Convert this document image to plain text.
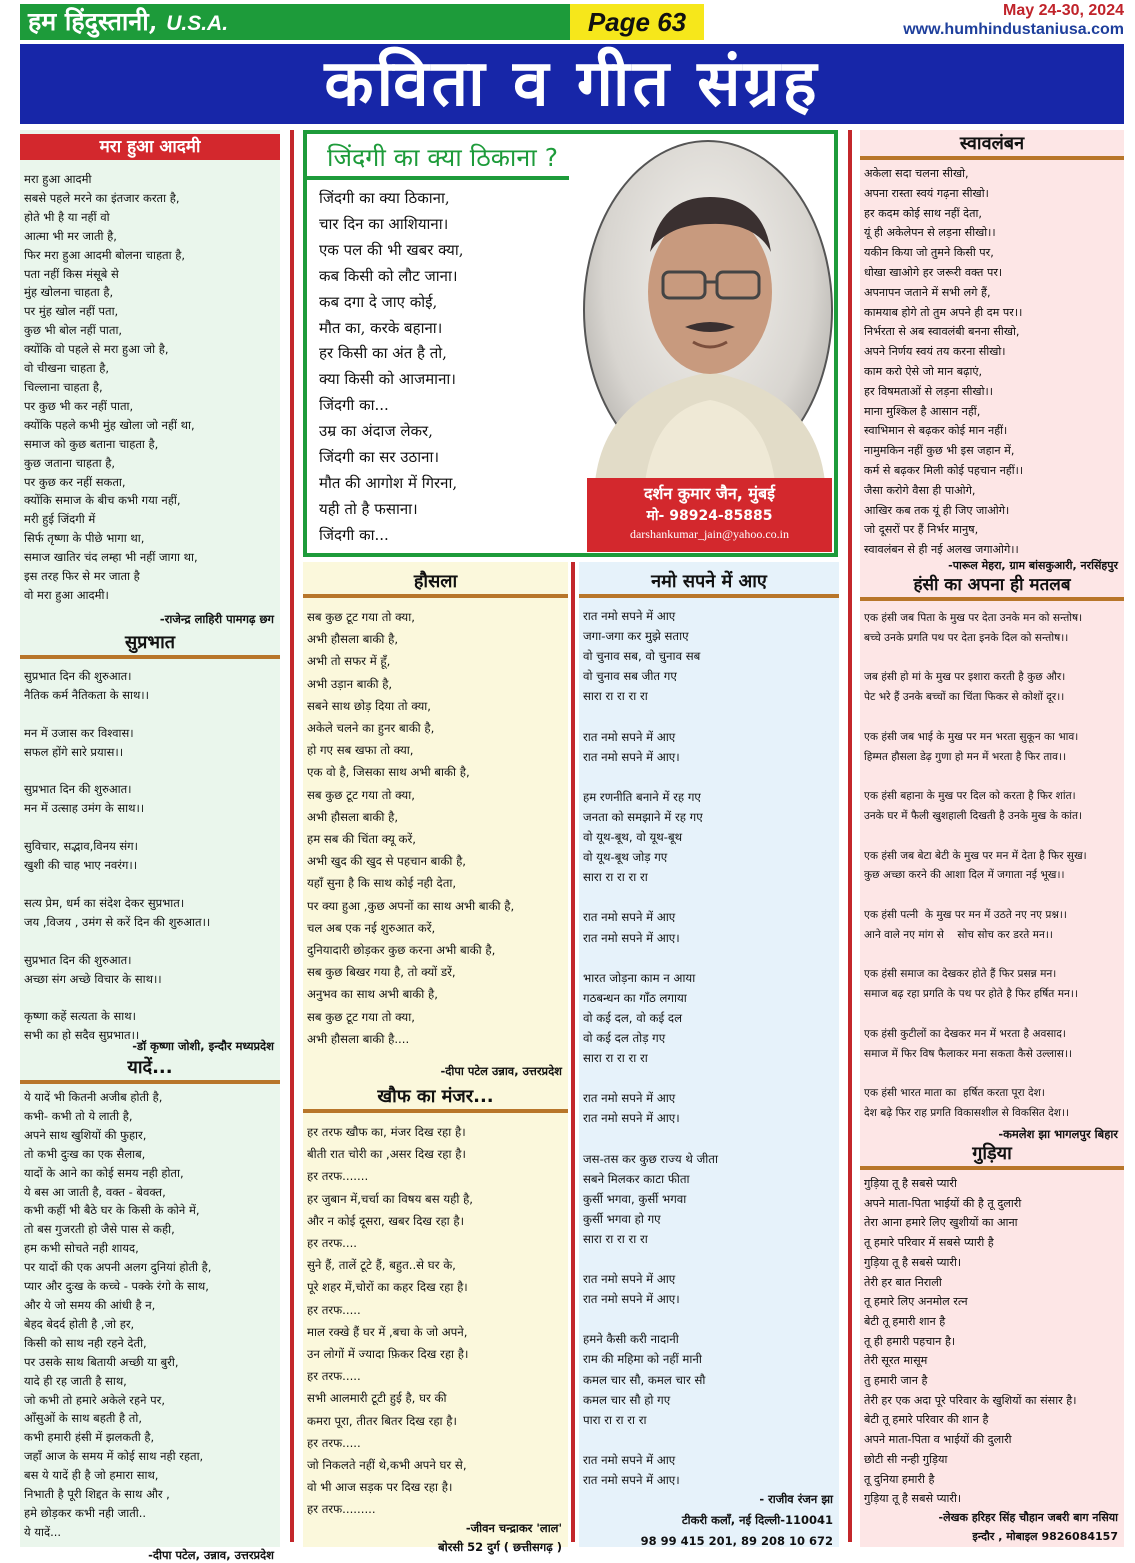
हम हिंदुस्तानी, U.S.A.	Page 63	May 24-30, 2024
www.humhindustaniusa.com
कविता व गीत संग्रह
मरा हुआ आदमी
मरा हुआ आदमी
सबसे पहले मरने का इंतजार करता है,
होते भी है या नहीं वो
आत्मा भी मर जाती है,
फिर मरा हुआ आदमी बोलना चाहता है,
पता नहीं किस मंसूबे से
मुंह खोलना चाहता है,
पर मुंह खोल नहीं पता,
कुछ भी बोल नहीं पाता,
क्योंकि वो पहले से मरा हुआ जो है,
वो चीखना चाहता है,
चिल्लाना चाहता है,
पर कुछ भी कर नहीं पाता,
क्योंकि पहले कभी मुंह खोला जो नहीं था,
समाज को कुछ बताना चाहता है,
कुछ जताना चाहता है,
पर कुछ कर नहीं सकता,
क्योंकि समाज के बीच कभी गया नहीं,
मरी हुई जिंदगी में
सिर्फ तृष्णा के पीछे भागा था,
समाज खातिर चंद लम्हा भी नहीं जागा था,
इस तरह फिर से मर जाता है
वो मरा हुआ आदमी।
-राजेन्द्र लाहिरी पामगढ़ छग
सुप्रभात
सुप्रभात दिन की शुरुआत।
नैतिक कर्म नैतिकता के साथ।।

मन में उजास कर विश्वास।
सफल होंगे सारे प्रयास।।

सुप्रभात दिन की शुरुआत।
मन में उत्साह उमंग के साथ।।

सुविचार, सद्भाव,विनय संग।
खुशी की चाह भाए नवरंग।।

सत्य प्रेम, धर्म का संदेश देकर सुप्रभात।
जय ,विजय , उमंग से करें दिन की शुरुआत।।

सुप्रभात दिन की शुरुआत।
अच्छा संग अच्छे विचार के साथ।।

कृष्णा कहें सत्यता के साथ।
सभी का हो सदैव सुप्रभात।।
-डॉ कृष्णा जोशी, इन्दौर मध्यप्रदेश
यादें...
ये यादें भी कितनी अजीब होती है,
कभी- कभी तो ये लाती है,
अपने साथ खुशियों की फुहार,
तो कभी दुःख का एक सैलाब,
यादों के आने का कोई समय नही होता,
ये बस आ जाती है, वक्त - बेवक्त,
कभी कहीं भी बैठे घर के किसी के कोने में,
तो बस गुजरती हो जैसे पास से कही,
हम कभी सोचते नही शायद,
पर यादों की एक अपनी अलग दुनियां होती है,
प्यार और दुःख के कच्चे - पक्के रंगो के साथ,
और ये जो समय की आंधी है न,
बेहद बेदर्द होती है ,जो हर,
किसी को साथ नही रहने देती,
पर उसके साथ बितायी अच्छी या बुरी,
यादे ही रह जाती है साथ,
जो कभी तो हमारे अकेले रहने पर,
आँसुओं के साथ बहती है तो,
कभी हमारी हंसी में झलकती है,
जहाँ आज के समय में कोई साथ नही रहता,
बस ये यादें ही है जो हमारा साथ,
निभाती है पूरी शिद्दत के साथ और ,
हमे छोड़कर कभी नही जाती..
ये यादें...
-दीपा पटेल, उन्नाव, उत्तरप्रदेश
जिंदगी का क्या ठिकाना ?
जिंदगी का क्या ठिकाना,
चार दिन का आशियाना।
एक पल की भी खबर क्या,
कब किसी को लौट जाना।
कब दगा दे जाए कोई,
मौत का, करके बहाना।
हर किसी का अंत है तो,
क्या किसी को आजमाना।
जिंदगी का...
उम्र का अंदाज लेकर,
जिंदगी का सर उठाना।
मौत की आगोश में गिरना,
यही तो है फसाना।
जिंदगी का...
दर्शन कुमार जैन, मुंबई
मो- 98924-85885
darshankumar_jain@yahoo.co.in
हौसला
सब कुछ टूट गया तो क्या,
अभी हौसला बाकी है,
अभी तो सफर में हूँ,
अभी उड़ान बाकी है,
सबने साथ छोड़ दिया तो क्या,
अकेले चलने का हुनर बाकी है,
हो गए सब खफा तो क्या,
एक वो है, जिसका साथ अभी बाकी है,
सब कुछ टूट गया तो क्या,
अभी हौसला बाकी है,
हम सब की चिंता क्यू करें,
अभी खुद की खुद से पहचान बाकी है,
यहाँ सुना है कि साथ कोई नही देता,
पर क्या हुआ ,कुछ अपनों का साथ अभी बाकी है,
चल अब एक नई शुरुआत करें,
दुनियादारी छोड़कर कुछ करना अभी बाकी है,
सब कुछ बिखर गया है, तो क्यों डरें,
अनुभव का साथ अभी बाकी है,
सब कुछ टूट गया तो क्या,
अभी हौसला बाकी है....
-दीपा पटेल उन्नाव, उत्तरप्रदेश
खौफ का मंजर...
हर तरफ खौफ का, मंजर दिख रहा है।
बीती रात चोरी का ,असर दिख रहा है।
हर तरफ.......
हर जुबान में,चर्चा का विषय बस यही है,
और न कोई दूसरा, खबर दिख रहा है।
हर तरफ....
सुने हैं, तालें टूटे हैं, बहुत..से घर के,
पूरे शहर में,चोरों का कहर दिख रहा है।
हर तरफ.....
माल रक्खे हैं घर में ,बचा के जो अपने,
उन लोगों में ज्यादा फ़िकर दिख रहा है।
हर तरफ.....
सभी आलमारी टूटी हुई है, घर की
कमरा पूरा, तीतर बितर दिख रहा है।
हर तरफ.....
जो निकलते नहीं थे,कभी अपने घर से,
वो भी आज सड़क पर दिख रहा है।
हर तरफ.........
-जीवन चन्द्राकर 'लाल'
बोरसी 52 दुर्ग ( छत्तीसगढ़ )
नमो सपने में आए
रात नमो सपने में आए
जगा-जगा कर मुझे सताए
वो चुनाव सब, वो चुनाव सब
वो चुनाव सब जीत गए
सारा रा रा रा रा

रात नमो सपने में आए
रात नमो सपने में आए।

हम रणनीति बनाने में रह गए
जनता को समझाने में रह गए
वो यूथ-बूथ, वो यूथ-बूथ
वो यूथ-बूथ जोड़ गए
सारा रा रा रा रा

रात नमो सपने में आए
रात नमो सपने में आए।

भारत जोड़ना काम न आया
गठबन्धन का गाँठ लगाया
वो कई दल, वो कई दल
वो कई दल तोड़ गए
सारा रा रा रा रा

रात नमो सपने में आए
रात नमो सपने में आए।

जस-तस कर कुछ राज्य थे जीता
सबने मिलकर काटा फीता
कुर्सी भगवा, कुर्सी भगवा
कुर्सी भगवा हो गए
सारा रा रा रा रा

रात नमो सपने में आए
रात नमो सपने में आए।

हमने कैसी करी नादानी
राम की महिमा को नहीं मानी
कमल चार सौ, कमल चार सौ
कमल चार सौ हो गए
पारा रा रा रा रा

रात नमो सपने में आए
रात नमो सपने में आए।
- राजीव रंजन झा
टीकरी कलाँ, नई दिल्ली-110041
98 99 415 201, 89 208 10 672
स्वावलंबन
अकेला सदा चलना सीखो,
अपना रास्ता स्वयं गढ़ना सीखो।
हर कदम कोई साथ नहीं देता,
यूं ही अकेलेपन से लड़ना सीखो।।
यकीन किया जो तुमने किसी पर,
धोखा खाओगे हर जरूरी वक्त पर।
अपनापन जताने में सभी लगे हैं,
कामयाब होगे तो तुम अपने ही दम पर।।
निर्भरता से अब स्वावलंबी बनना सीखो,
अपने निर्णय स्वयं तय करना सीखो।
काम करो ऐसे जो मान बढ़ाएं,
हर विषमताओं से लड़ना सीखो।।
माना मुश्किल है आसान नहीं,
स्वाभिमान से बढ़कर कोई मान नहीं।
नामुमकिन नहीं कुछ भी इस जहान में,
कर्म से बढ़कर मिली कोई पहचान नहीं।।
जैसा करोगे वैसा ही पाओगे,
आखिर कब तक यूं ही जिए जाओगे।
जो दूसरों पर हैं निर्भर मानुष,
स्वावलंबन से ही नई अलख जगाओगे।।
-पारूल मेहरा, ग्राम बांसकुआरी, नरसिंहपुर
हंसी का अपना ही मतलब
एक हंसी जब पिता के मुख पर देता उनके मन को सन्तोष।
बच्चे उनके प्रगति पथ पर देता इनके दिल को सन्तोष।।

जब हंसी हो मां के मुख पर इशारा करती है कुछ और।
पेट भरे हैं उनके बच्चों का चिंता फिकर से कोशों दूर।।

एक हंसी जब भाई के मुख पर मन भरता सुकून का भाव।
हिम्मत हौसला डेढ़ गुणा हो मन में भरता है फिर ताव।।

एक हंसी बहाना के मुख पर दिल को करता है फिर शांत।
उनके घर में फैली खुशहाली दिखती है उनके मुख के कांत।

एक हंसी जब बेटा बेटी के मुख पर मन में देता है फिर सुख।
कुछ अच्छा करने की आशा दिल में जगाता नई भूख।।

एक हंसी पत्नी  के मुख पर मन में उठते नए नए प्रश्न।।
आने वाले नए मांग से    सोच सोच कर डरते मन।।

एक हंसी समाज का देखकर होते हैं फिर प्रसन्न मन।
समाज बढ़ रहा प्रगति के पथ पर होते है फिर हर्षित मन।।

एक हंसी कुटीलों का देखकर मन में भरता है अवसाद।
समाज में फिर विष फैलाकर मना सकता कैसे उल्लास।।

एक हंसी भारत माता का  हर्षित करता पूरा देश।
देश बढ़े फिर राह प्रगति विकासशील से विकसित देश।।
-कमलेश झा भागलपुर बिहार
गुड़िया
गुड़िया तू है सबसे प्यारी
अपने माता-पिता भाईयों की है तू दुलारी
तेरा आना हमारे लिए खुशीयों का आना
तू हमारे परिवार में सबसे प्यारी है
गुड़िया तू है सबसे प्यारी।
तेरी हर बात निराली
तू हमारे लिए अनमोल रत्न
बेटी तू हमारी शान है
तू ही हमारी पहचान है।
तेरी सूरत मासूम
तु हमारी जान है
तेरी हर एक अदा पूरे परिवार के खुशियों का संसार है।
बेटी तू हमारे परिवार की शान है
अपने माता-पिता व भाईयों की दुलारी
छोटी सी नन्ही गुड़िया
तू दुनिया हमारी है
गुड़िया तू है सबसे प्यारी।
-लेखक हरिहर सिंह चौहान जबरी बाग नसिया
इन्दौर , मोबाइल 9826084157
